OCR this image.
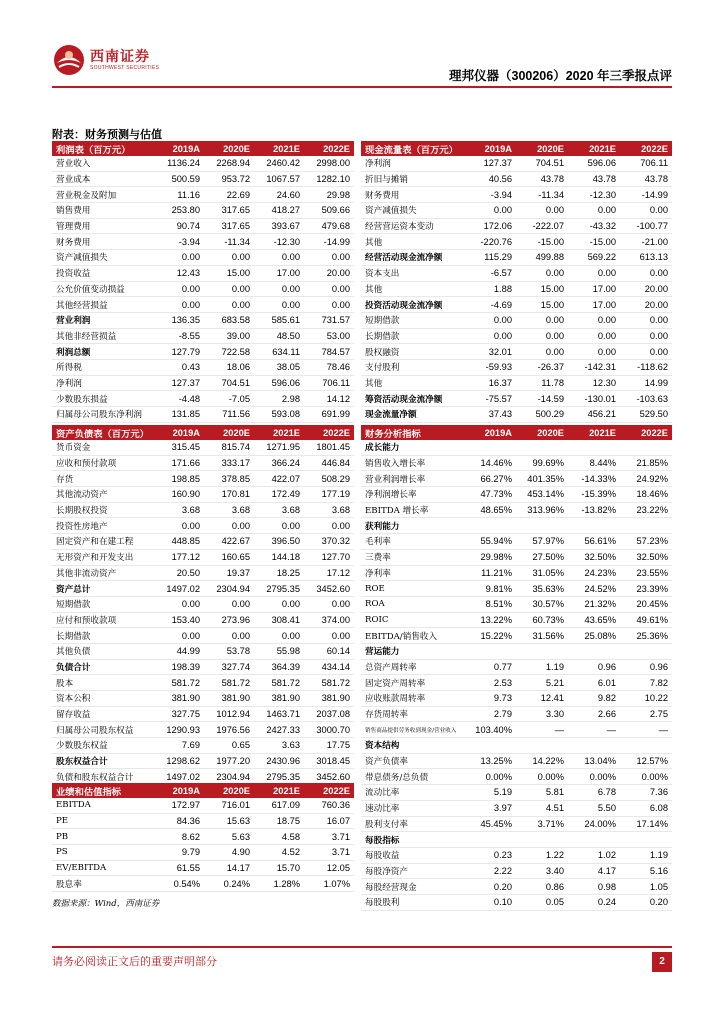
西南证券
SOUTHWEST SECURITIES
理邦仪器（300206）2020 年三季报点评
附表：财务预测与估值
利润表（百万元）	2019A	2020E	2021E	2022E
营业收入	1136.24	2268.94	2460.42	2998.00
营业成本	500.59	953.72	1067.57	1282.10
营业税金及附加	11.16	22.69	24.60	29.98
销售费用	253.80	317.65	418.27	509.66
管理费用	90.74	317.65	393.67	479.68
财务费用	-3.94	-11.34	-12.30	-14.99
资产减值损失	0.00	0.00	0.00	0.00
投资收益	12.43	15.00	17.00	20.00
公允价值变动损益	0.00	0.00	0.00	0.00
其他经营损益	0.00	0.00	0.00	0.00
营业利润	136.35	683.58	585.61	731.57
其他非经营损益	-8.55	39.00	48.50	53.00
利润总额	127.79	722.58	634.11	784.57
所得税	0.43	18.06	38.05	78.46
净利润	127.37	704.51	596.06	706.11
少数股东损益	-4.48	-7.05	2.98	14.12
归属母公司股东净利润	131.85	711.56	593.08	691.99
现金流量表（百万元）	2019A	2020E	2021E	2022E
净利润	127.37	704.51	596.06	706.11
折旧与摊销	40.56	43.78	43.78	43.78
财务费用	-3.94	-11.34	-12.30	-14.99
资产减值损失	0.00	0.00	0.00	0.00
经营营运资本变动	172.06	-222.07	-43.32	-100.77
其他	-220.76	-15.00	-15.00	-21.00
经营活动现金流净额	115.29	499.88	569.22	613.13
资本支出	-6.57	0.00	0.00	0.00
其他	1.88	15.00	17.00	20.00
投资活动现金流净额	-4.69	15.00	17.00	20.00
短期借款	0.00	0.00	0.00	0.00
长期借款	0.00	0.00	0.00	0.00
股权融资	32.01	0.00	0.00	0.00
支付股利	-59.93	-26.37	-142.31	-118.62
其他	16.37	11.78	12.30	14.99
筹资活动现金流净额	-75.57	-14.59	-130.01	-103.63
现金流量净额	37.43	500.29	456.21	529.50
资产负债表（百万元）	2019A	2020E	2021E	2022E
货币资金	315.45	815.74	1271.95	1801.45
应收和预付款项	171.66	333.17	366.24	446.84
存货	198.85	378.85	422.07	508.29
其他流动资产	160.90	170.81	172.49	177.19
长期股权投资	3.68	3.68	3.68	3.68
投资性房地产	0.00	0.00	0.00	0.00
固定资产和在建工程	448.85	422.67	396.50	370.32
无形资产和开发支出	177.12	160.65	144.18	127.70
其他非流动资产	20.50	19.37	18.25	17.12
资产总计	1497.02	2304.94	2795.35	3452.60
短期借款	0.00	0.00	0.00	0.00
应付和预收款项	153.40	273.96	308.41	374.00
长期借款	0.00	0.00	0.00	0.00
其他负债	44.99	53.78	55.98	60.14
负债合计	198.39	327.74	364.39	434.14
股本	581.72	581.72	581.72	581.72
资本公积	381.90	381.90	381.90	381.90
留存收益	327.75	1012.94	1463.71	2037.08
归属母公司股东权益	1290.93	1976.56	2427.33	3000.70
少数股东权益	7.69	0.65	3.63	17.75
股东权益合计	1298.62	1977.20	2430.96	3018.45
负债和股东权益合计	1497.02	2304.94	2795.35	3452.60
财务分析指标	2019A	2020E	2021E	2022E
成长能力				
销售收入增长率	14.46%	99.69%	8.44%	21.85%
营业利润增长率	66.27%	401.35%	-14.33%	24.92%
净利润增长率	47.73%	453.14%	-15.39%	18.46%
EBITDA 增长率	48.65%	313.96%	-13.82%	23.22%
获利能力				
毛利率	55.94%	57.97%	56.61%	57.23%
三费率	29.98%	27.50%	32.50%	32.50%
净利率	11.21%	31.05%	24.23%	23.55%
ROE	9.81%	35.63%	24.52%	23.39%
ROA	8.51%	30.57%	21.32%	20.45%
ROIC	13.22%	60.73%	43.65%	49.61%
EBITDA/销售收入	15.22%	31.56%	25.08%	25.36%
营运能力				
总资产周转率	0.77	1.19	0.96	0.96
固定资产周转率	2.53	5.21	6.01	7.82
应收账款周转率	9.73	12.41	9.82	10.22
存货周转率	2.79	3.30	2.66	2.75
销售商品提供劳务收到现金/营业收入	103.40%	—	—	—
资本结构				
资产负债率	13.25%	14.22%	13.04%	12.57%
带息债务/总负债	0.00%	0.00%	0.00%	0.00%
流动比率	5.19	5.81	6.78	7.36
速动比率	3.97	4.51	5.50	6.08
股利支付率	45.45%	3.71%	24.00%	17.14%
每股指标				
每股收益	0.23	1.22	1.02	1.19
每股净资产	2.22	3.40	4.17	5.16
每股经营现金	0.20	0.86	0.98	1.05
每股股利	0.10	0.05	0.24	0.20
业绩和估值指标	2019A	2020E	2021E	2022E
EBITDA	172.97	716.01	617.09	760.36
PE	84.36	15.63	18.75	16.07
PB	8.62	5.63	4.58	3.71
PS	9.79	4.90	4.52	3.71
EV/EBITDA	61.55	14.17	15.70	12.05
股息率	0.54%	0.24%	1.28%	1.07%
数据来源：Wind，西南证券
请务必阅读正文后的重要声明部分	2
